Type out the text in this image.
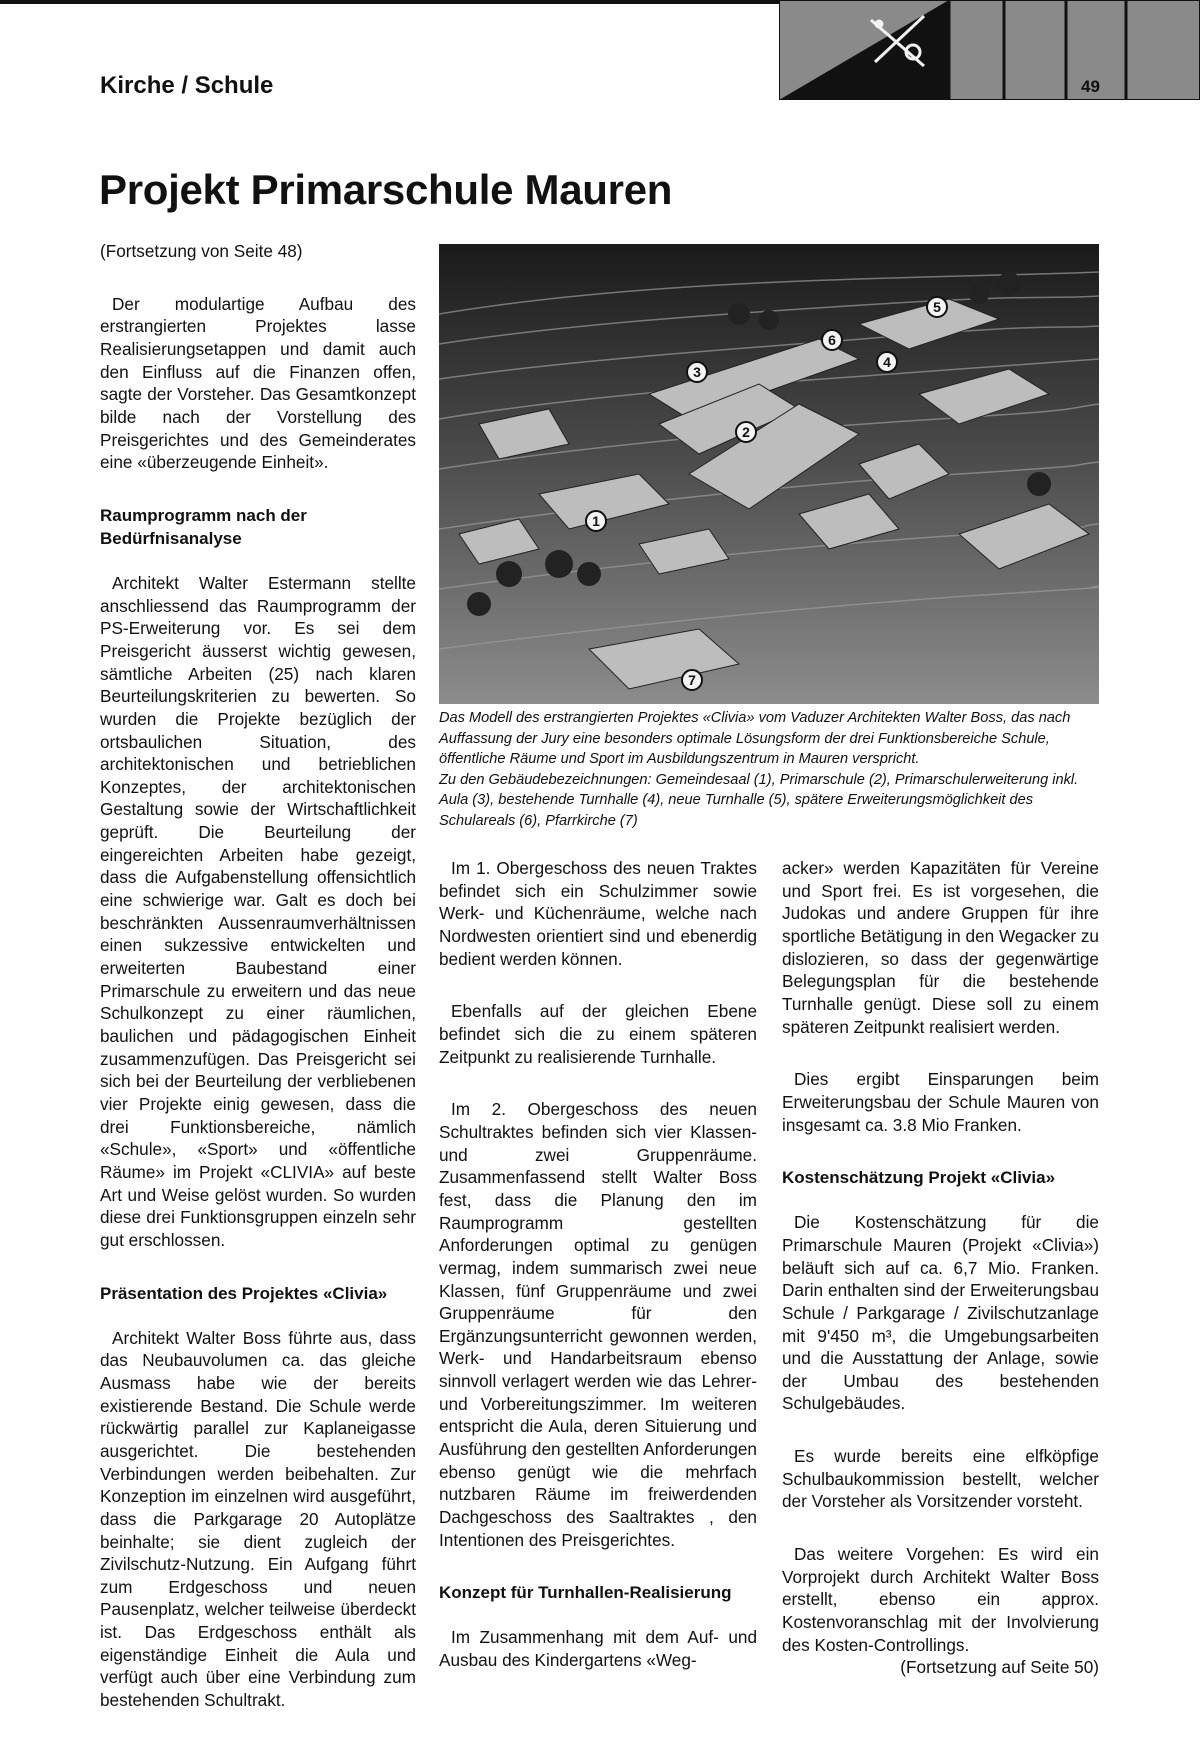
Kirche / Schule	49
Projekt Primarschule Mauren

(Fortsetzung von Seite 48)

Der modulartige Aufbau des erstrangierten Projektes lasse Realisierungsetappen und damit auch den Einfluss auf die Finanzen offen, sagte der Vorsteher. Das Gesamtkonzept bilde nach der Vorstellung des Preisgerichtes und des Gemeinderates eine «überzeugende Einheit».

Raumprogramm nach der Bedürfnisanalyse

Architekt Walter Estermann stellte anschliessend das Raumprogramm der PS-Erweiterung vor. Es sei dem Preisgericht äusserst wichtig gewesen, sämtliche Arbeiten (25) nach klaren Beurteilungskriterien zu bewerten. So wurden die Projekte bezüglich der ortsbaulichen Situation, des architektonischen und betrieblichen Konzeptes, der architektonischen Gestaltung sowie der Wirtschaftlichkeit geprüft. Die Beurteilung der eingereichten Arbeiten habe gezeigt, dass die Aufgabenstellung offensichtlich eine schwierige war. Galt es doch bei beschränkten Aussenraumverhältnissen einen sukzessive entwickelten und erweiterten Baubestand einer Primarschule zu erweitern und das neue Schulkonzept zu einer räumlichen, baulichen und pädagogischen Einheit zusammenzufügen. Das Preisgericht sei sich bei der Beurteilung der verbliebenen vier Projekte einig gewesen, dass die drei Funktionsbereiche, nämlich «Schule», «Sport» und «öffentliche Räume» im Projekt «CLIVIA» auf beste Art und Weise gelöst wurden. So wurden diese drei Funktionsgruppen einzeln sehr gut erschlossen.

Präsentation des Projektes «Clivia»

Architekt Walter Boss führte aus, dass das Neubauvolumen ca. das gleiche Ausmass habe wie der bereits existierende Bestand. Die Schule werde rückwärtig parallel zur Kaplaneigasse ausgerichtet. Die bestehenden Verbindungen werden beibehalten. Zur Konzeption im einzelnen wird ausgeführt, dass die Parkgarage 20 Autoplätze beinhalte; sie dient zugleich der Zivilschutz-Nutzung. Ein Aufgang führt zum Erdgeschoss und neuen Pausenplatz, welcher teilweise überdeckt ist. Das Erdgeschoss enthält als eigenständige Einheit die Aula und verfügt auch über eine Verbindung zum bestehenden Schultrakt.

1
2
3
4
5
6
7

Das Modell des erstrangierten Projektes «Clivia» vom Vaduzer Architekten Walter Boss, das nach Auffassung der Jury eine besonders optimale Lösungsform der drei Funktionsbereiche Schule, öffentliche Räume und Sport im Ausbildungszentrum in Mauren verspricht.

Zu den Gebäudebezeichnungen: Gemeindesaal (1), Primarschule (2), Primarschulerweiterung inkl. Aula (3), bestehende Turnhalle (4), neue Turnhalle (5), spätere Erweiterungsmöglichkeit des Schulareals (6), Pfarrkirche (7)

Im 1. Obergeschoss des neuen Traktes befindet sich ein Schulzimmer sowie Werk- und Küchenräume, welche nach Nordwesten orientiert sind und ebenerdig bedient werden können.

Ebenfalls auf der gleichen Ebene befindet sich die zu einem späteren Zeitpunkt zu realisierende Turnhalle.

Im 2. Obergeschoss des neuen Schultraktes befinden sich vier Klassen- und zwei Gruppenräume. Zusammenfassend stellt Walter Boss fest, dass die Planung den im Raumprogramm gestellten Anforderungen optimal zu genügen vermag, indem summarisch zwei neue Klassen, fünf Gruppenräume und zwei Gruppenräume für den Ergänzungsunterricht gewonnen werden, Werk- und Handarbeitsraum ebenso sinnvoll verlagert werden wie das Lehrer- und Vorbereitungszimmer. Im weiteren entspricht die Aula, deren Situierung und Ausführung den gestellten Anforderungen ebenso genügt wie die mehrfach nutzbaren Räume im freiwerdenden Dachgeschoss des Saaltraktes , den Intentionen des Preisgerichtes.

Konzept für Turnhallen-Realisierung

Im Zusammenhang mit dem Auf- und Ausbau des Kindergartens «Weg-

acker» werden Kapazitäten für Vereine und Sport frei. Es ist vorgesehen, die Judokas und andere Gruppen für ihre sportliche Betätigung in den Wegacker zu dislozieren, so dass der gegenwärtige Belegungsplan für die bestehende Turnhalle genügt. Diese soll zu einem späteren Zeitpunkt realisiert werden.

Dies ergibt Einsparungen beim Erweiterungsbau der Schule Mauren von insgesamt ca. 3.8 Mio Franken.

Kostenschätzung Projekt «Clivia»

Die Kostenschätzung für die Primarschule Mauren (Projekt «Clivia») beläuft sich auf ca. 6,7 Mio. Franken. Darin enthalten sind der Erweiterungsbau Schule / Parkgarage / Zivilschutzanlage mit 9'450 m³, die Umgebungsarbeiten und die Ausstattung der Anlage, sowie der Umbau des bestehenden Schulgebäudes.

Es wurde bereits eine elfköpfige Schulbaukommission bestellt, welcher der Vorsteher als Vorsitzender vorsteht.

Das weitere Vorgehen: Es wird ein Vorprojekt durch Architekt Walter Boss erstellt, ebenso ein approx. Kostenvoranschlag mit der Involvierung des Kosten-Controllings.

(Fortsetzung auf Seite 50)
